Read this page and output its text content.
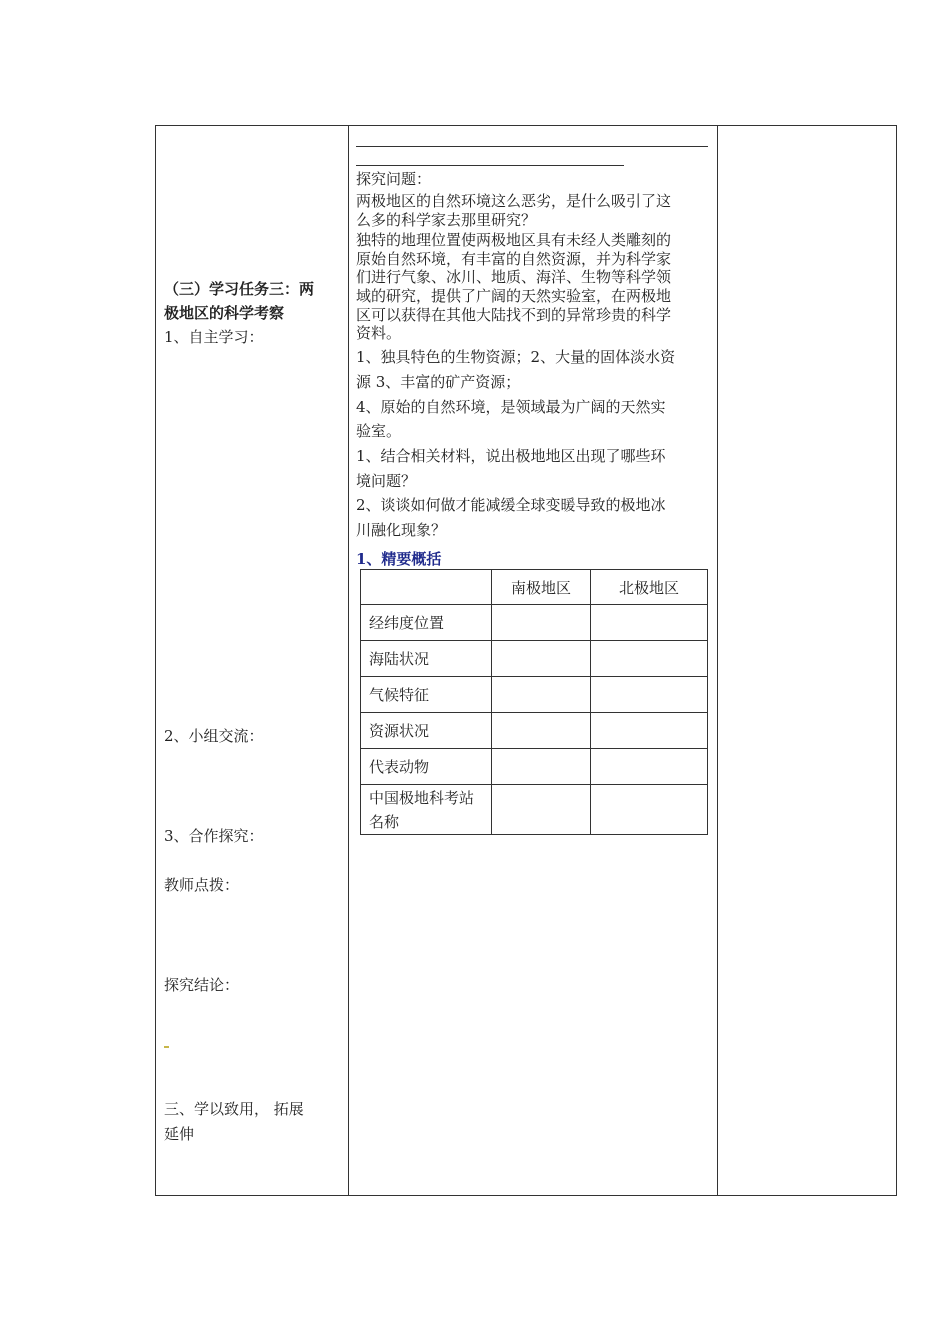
（三）学习任务三：两
极地区的科学考察
1、自主学习：
2、小组交流：
3、合作探究：
教师点拨：
探究结论：
三、学以致用， 拓展
延伸
探究问题：
两极地区的自然环境这么恶劣，是什么吸引了这
么多的科学家去那里研究？
独特的地理位置使两极地区具有未经人类雕刻的
原始自然环境，有丰富的自然资源，并为科学家
们进行气象、冰川、地质、海洋、生物等科学领
域的研究，提供了广阔的天然实验室，在两极地
区可以获得在其他大陆找不到的异常珍贵的科学
资料。
1、独具特色的生物资源；2、大量的固体淡水资
源 3、丰富的矿产资源；
4、原始的自然环境，是领域最为广阔的天然实
验室。
1、结合相关材料，说出极地地区出现了哪些环
境问题？
2、谈谈如何做才能减缓全球变暖导致的极地冰
川融化现象？
1、精要概括
	南极地区	北极地区
经纬度位置		
海陆状况		
气候特征		
资源状况		
代表动物		
中国极地科考站名称		
